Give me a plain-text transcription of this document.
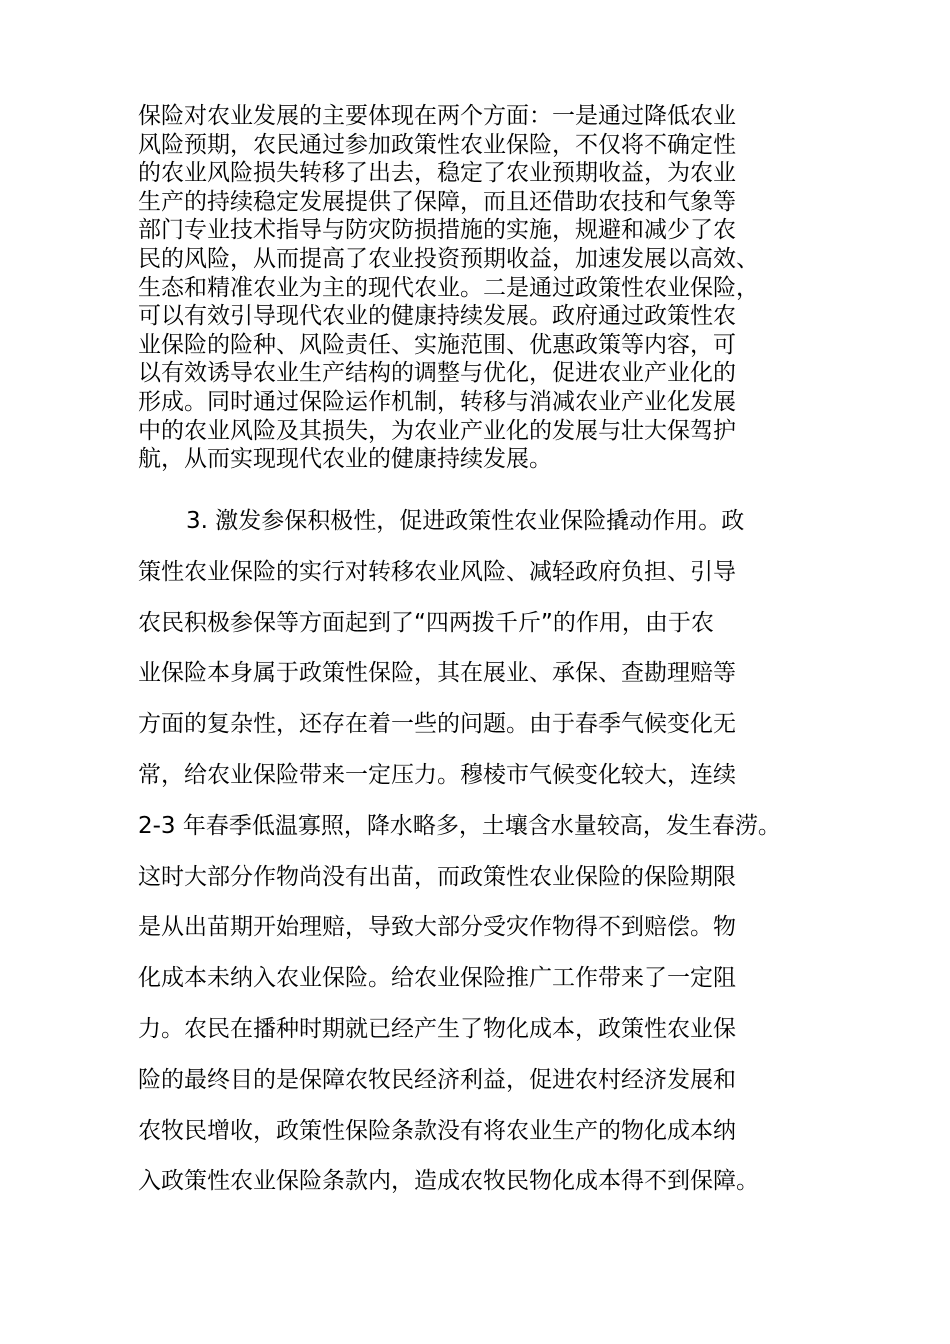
保险对农业发展的主要体现在两个方面：一是通过降低农业
风险预期，农民通过参加政策性农业保险，不仅将不确定性
的农业风险损失转移了出去，稳定了农业预期收益，为农业
生产的持续稳定发展提供了保障，而且还借助农技和气象等
部门专业技术指导与防灾防损措施的实施，规避和减少了农
民的风险，从而提高了农业投资预期收益，加速发展以高效、
生态和精准农业为主的现代农业。二是通过政策性农业保险，
可以有效引导现代农业的健康持续发展。政府通过政策性农
业保险的险种、风险责任、实施范围、优惠政策等内容，可
以有效诱导农业生产结构的调整与优化，促进农业产业化的
形成。同时通过保险运作机制，转移与消减农业产业化发展
中的农业风险及其损失，为农业产业化的发展与壮大保驾护
航，从而实现现代农业的健康持续发展。
3. 激发参保积极性，促进政策性农业保险撬动作用。政
策性农业保险的实行对转移农业风险、减轻政府负担、引导
农民积极参保等方面起到了“四两拨千斤”的作用，由于农
业保险本身属于政策性保险，其在展业、承保、查勘理赔等
方面的复杂性，还存在着一些的问题。由于春季气候变化无
常，给农业保险带来一定压力。穆棱市气候变化较大，连续
2-3 年春季低温寡照，降水略多，土壤含水量较高，发生春涝。
这时大部分作物尚没有出苗，而政策性农业保险的保险期限
是从出苗期开始理赔，导致大部分受灾作物得不到赔偿。物
化成本未纳入农业保险。给农业保险推广工作带来了一定阻
力。农民在播种时期就已经产生了物化成本，政策性农业保
险的最终目的是保障农牧民经济利益，促进农村经济发展和
农牧民增收，政策性保险条款没有将农业生产的物化成本纳
入政策性农业保险条款内，造成农牧民物化成本得不到保障。
